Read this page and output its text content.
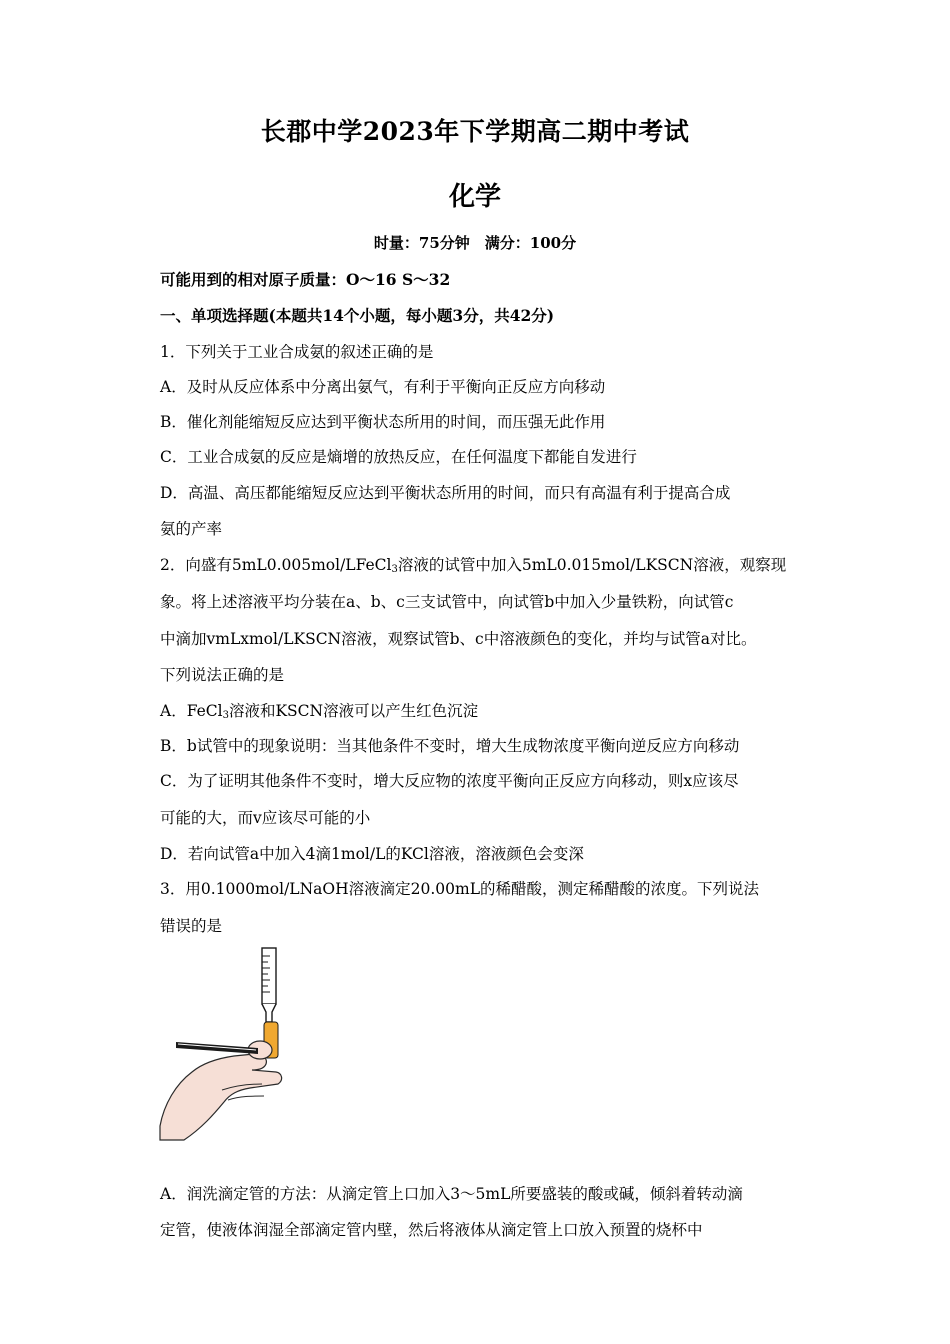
长郡中学2023年下学期高二期中考试
化学
时量：75分钟　满分：100分
可能用到的相对原子质量：O～16 S～32
一、单项选择题(本题共14个小题，每小题3分，共42分)
1．下列关于工业合成氨的叙述正确的是
A．及时从反应体系中分离出氨气，有利于平衡向正反应方向移动
B．催化剂能缩短反应达到平衡状态所用的时间，而压强无此作用
C．工业合成氨的反应是熵增的放热反应，在任何温度下都能自发进行
D．高温、高压都能缩短反应达到平衡状态所用的时间，而只有高温有利于提高合成
氨的产率
2．向盛有5mL0.005mol/LFeCl$_3$溶液的试管中加入5mL0.015mol/LKSCN溶液，观察现
象。将上述溶液平均分装在a、b、c三支试管中，向试管b中加入少量铁粉，向试管c
中滴加vmLxmol/LKSCN溶液，观察试管b、c中溶液颜色的变化，并均与试管a对比。
下列说法正确的是
A．FeCl$_3$溶液和KSCN溶液可以产生红色沉淀
B．b试管中的现象说明：当其他条件不变时，增大生成物浓度平衡向逆反应方向移动
C．为了证明其他条件不变时，增大反应物的浓度平衡向正反应方向移动，则x应该尽
可能的大，而v应该尽可能的小
D．若向试管a中加入4滴1mol/L的KCl溶液，溶液颜色会变深
3．用0.1000mol/LNaOH溶液滴定20.00mL的稀醋酸，测定稀醋酸的浓度。下列说法
错误的是
A．润洗滴定管的方法：从滴定管上口加入3～5mL所要盛装的酸或碱，倾斜着转动滴
定管，使液体润湿全部滴定管内壁，然后将液体从滴定管上口放入预置的烧杯中
